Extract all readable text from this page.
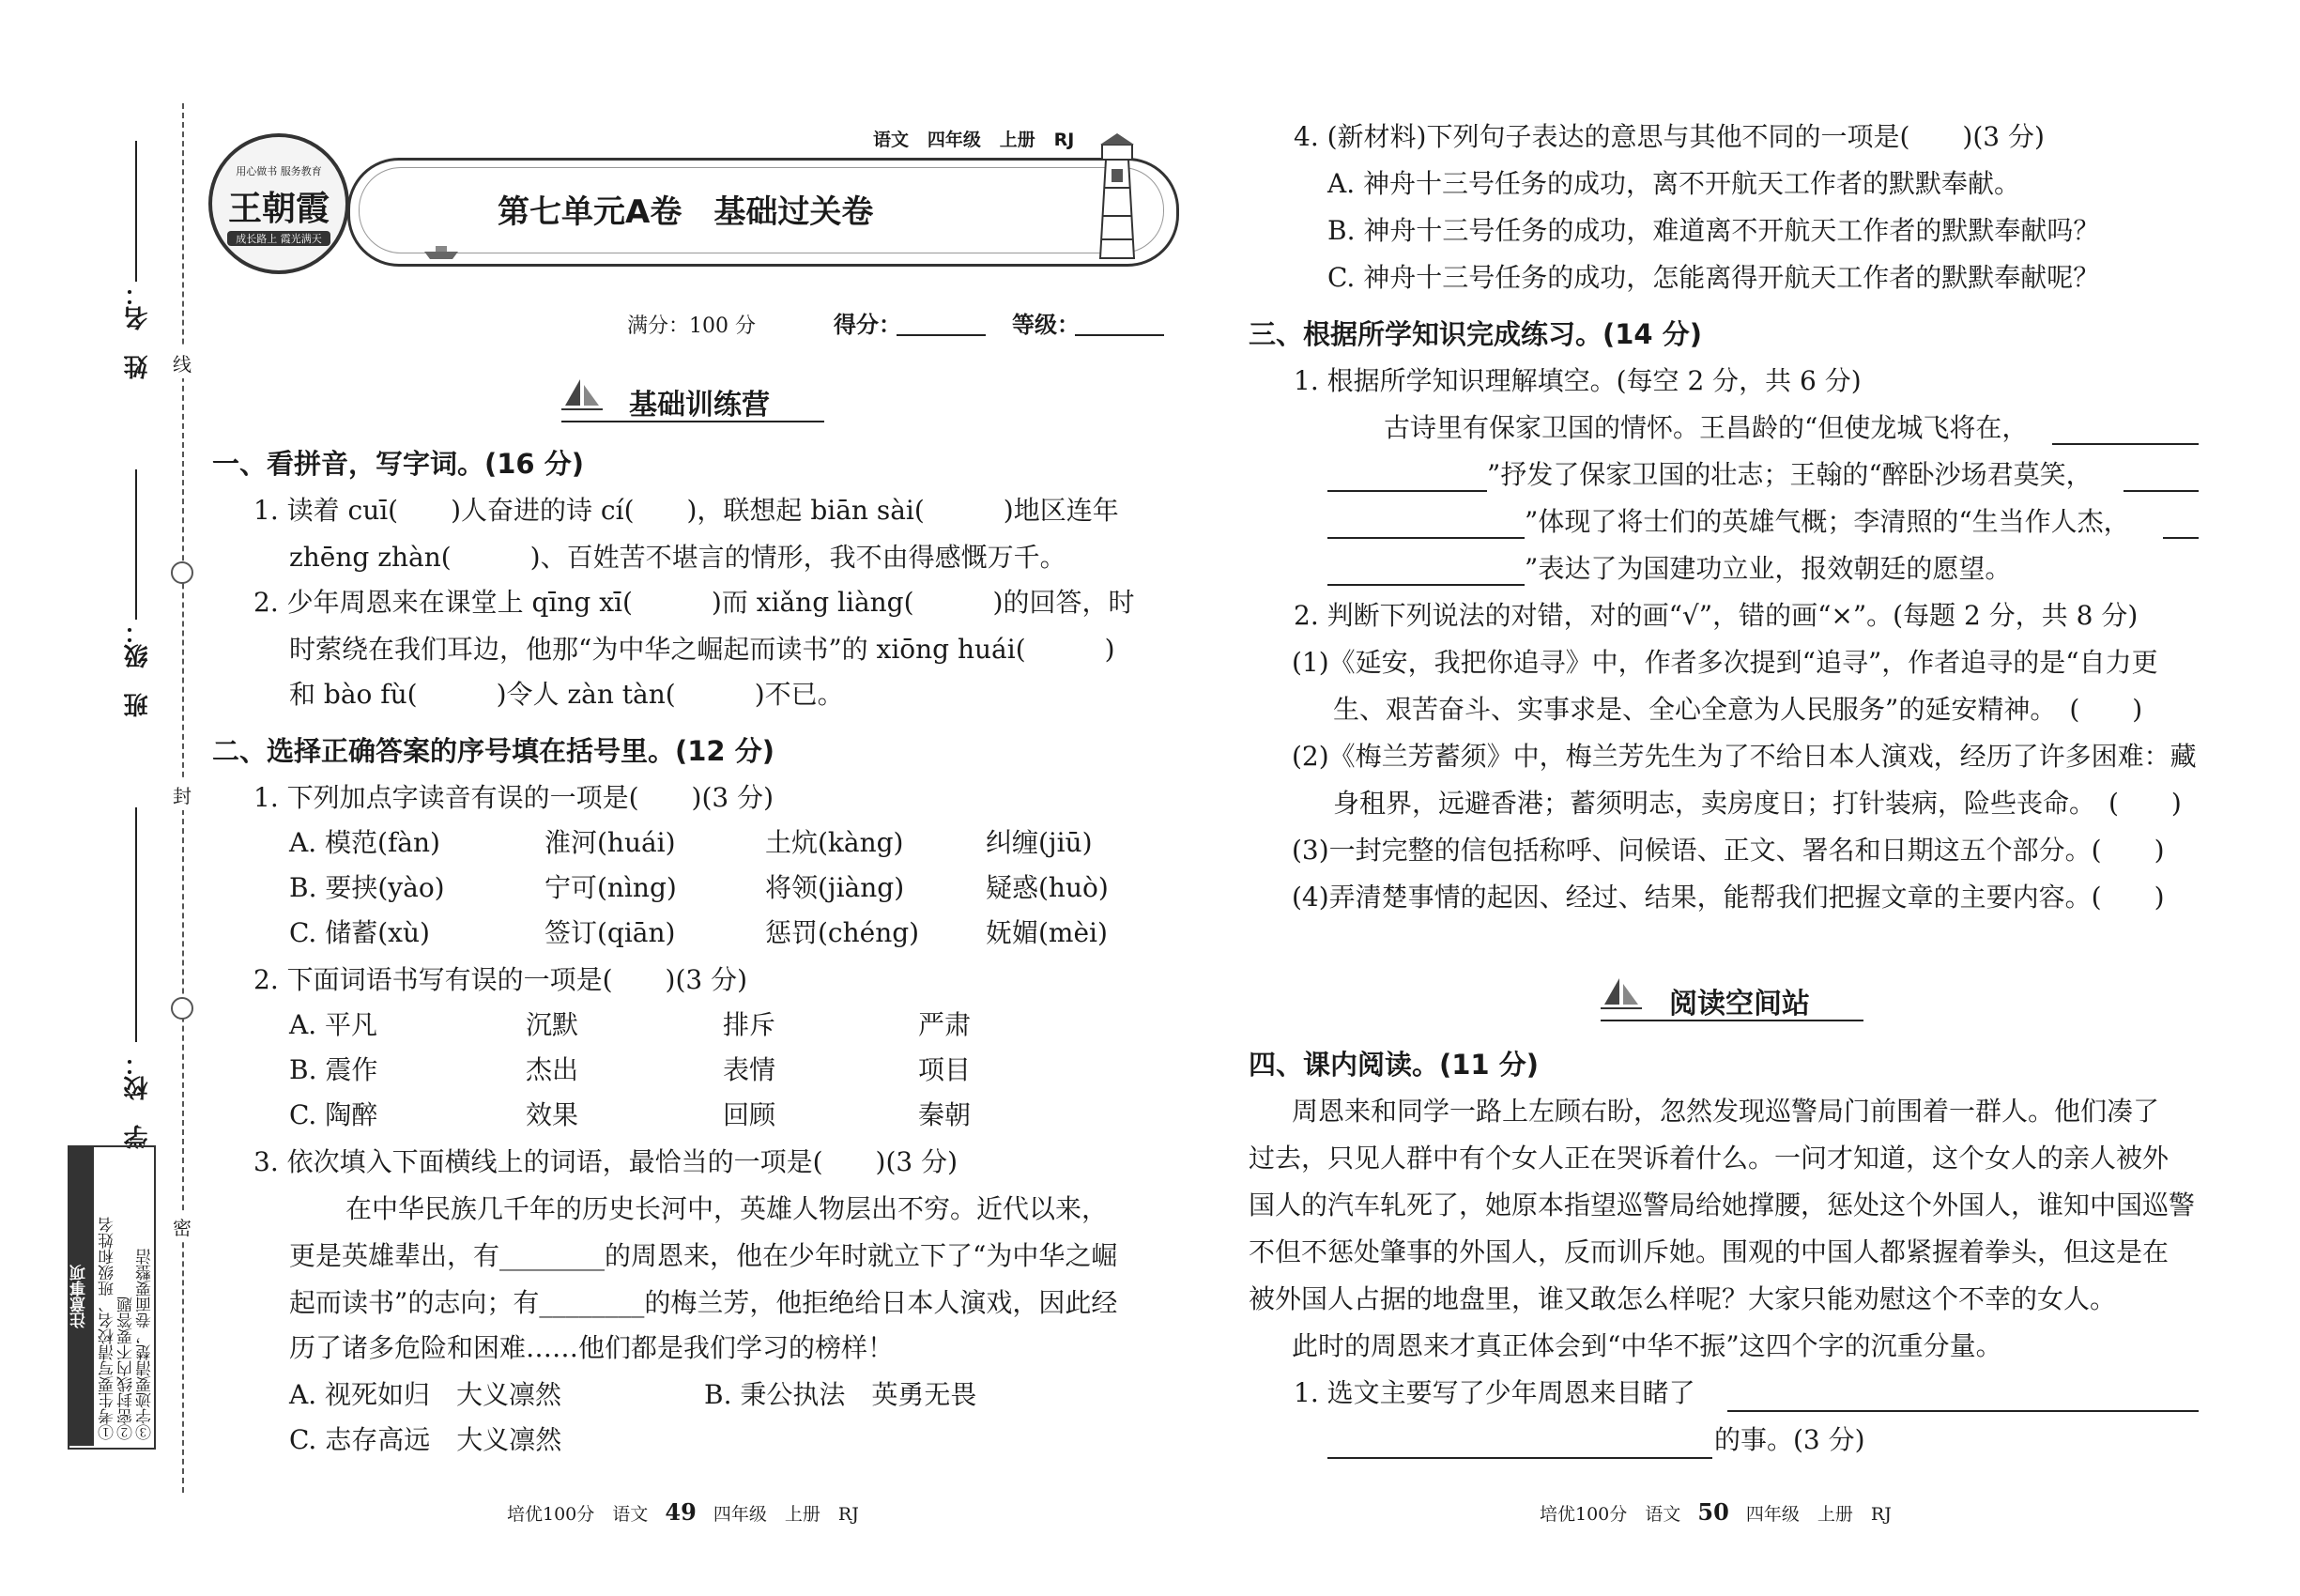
姓　名：
班　级：
学　校：
线
封
密
注意事项 ①考生要写清校名、班级和姓名 ②密封线内不要答题 ③字迹要清楚，卷面要整洁
用心做书 服务教育
王朝霞
成长路上 霞光满天
语文 四年级 上册 RJ
第七单元A卷　基础过关卷
满分：100 分	得分：	等级：
基础训练营
一、看拼音，写字词。(16 分)
1. 读着 cuī(　　)人奋进的诗 cí(　　)，联想起 biān sài(　　　)地区连年
zhēng zhàn(　　　)、百姓苦不堪言的情形，我不由得感慨万千。
2. 少年周恩来在课堂上 qīng xī(　　　)而 xiǎng liàng(　　　)的回答，时
时萦绕在我们耳边，他那“为中华之崛起而读书”的 xiōng huái(　　　)
和 bào fù(　　　)令人 zàn tàn(　　　)不已。
二、选择正确答案的序号填在括号里。(12 分)
1. 下列加点字读音有误的一项是(　　)(3 分)
A. 模范(fàn)	淮河(huái)	土炕(kàng)	纠缠(jiū)
B. 要挟(yào)	宁可(nìng)	将领(jiàng)	疑惑(huò)
C. 储蓄(xù)	签订(qiān)	惩罚(chéng)	妩媚(mèi)
2. 下面词语书写有误的一项是(　　)(3 分)
A. 平凡	沉默	排斥	严肃
B. 震作	杰出	表情	项目
C. 陶醉	效果	回顾	秦朝
3. 依次填入下面横线上的词语，最恰当的一项是(　　)(3 分)
在中华民族几千年的历史长河中，英雄人物层出不穷。近代以来，
更是英雄辈出，有________的周恩来，他在少年时就立下了“为中华之崛
起而读书”的志向；有________的梅兰芳，他拒绝给日本人演戏，因此经
历了诸多危险和困难……他们都是我们学习的榜样！
A. 视死如归　大义凛然	B. 秉公执法　英勇无畏
C. 志存高远　大义凛然
培优100分　语文 49 四年级　上册　RJ
4. (新材料)下列句子表达的意思与其他不同的一项是(　　)(3 分)
A. 神舟十三号任务的成功，离不开航天工作者的默默奉献。
B. 神舟十三号任务的成功，难道离不开航天工作者的默默奉献吗？
C. 神舟十三号任务的成功，怎能离得开航天工作者的默默奉献呢？
三、根据所学知识完成练习。(14 分)
1. 根据所学知识理解填空。(每空 2 分，共 6 分)
古诗里有保家卫国的情怀。王昌龄的“但使龙城飞将在，
”抒发了保家卫国的壮志；王翰的“醉卧沙场君莫笑，
”体现了将士们的英雄气概；李清照的“生当作人杰，
”表达了为国建功立业，报效朝廷的愿望。
2. 判断下列说法的对错，对的画“√”，错的画“×”。(每题 2 分，共 8 分)
(1)《延安，我把你追寻》中，作者多次提到“追寻”，作者追寻的是“自力更
生、艰苦奋斗、实事求是、全心全意为人民服务”的延安精神。　(　　)
(2)《梅兰芳蓄须》中，梅兰芳先生为了不给日本人演戏，经历了许多困难：藏
身租界，远避香港；蓄须明志，卖房度日；打针装病，险些丧命。　(　　)
(3)一封完整的信包括称呼、问候语、正文、署名和日期这五个部分。(　　)
(4)弄清楚事情的起因、经过、结果，能帮我们把握文章的主要内容。(　　)
阅读空间站
四、课内阅读。(11 分)
周恩来和同学一路上左顾右盼，忽然发现巡警局门前围着一群人。他们凑了
过去，只见人群中有个女人正在哭诉着什么。一问才知道，这个女人的亲人被外
国人的汽车轧死了，她原本指望巡警局给她撑腰，惩处这个外国人，谁知中国巡警
不但不惩处肇事的外国人，反而训斥她。围观的中国人都紧握着拳头，但这是在
被外国人占据的地盘里，谁又敢怎么样呢？大家只能劝慰这个不幸的女人。
此时的周恩来才真正体会到“中华不振”这四个字的沉重分量。
1. 选文主要写了少年周恩来目睹了
的事。(3 分)
培优100分　语文 50 四年级　上册　RJ
